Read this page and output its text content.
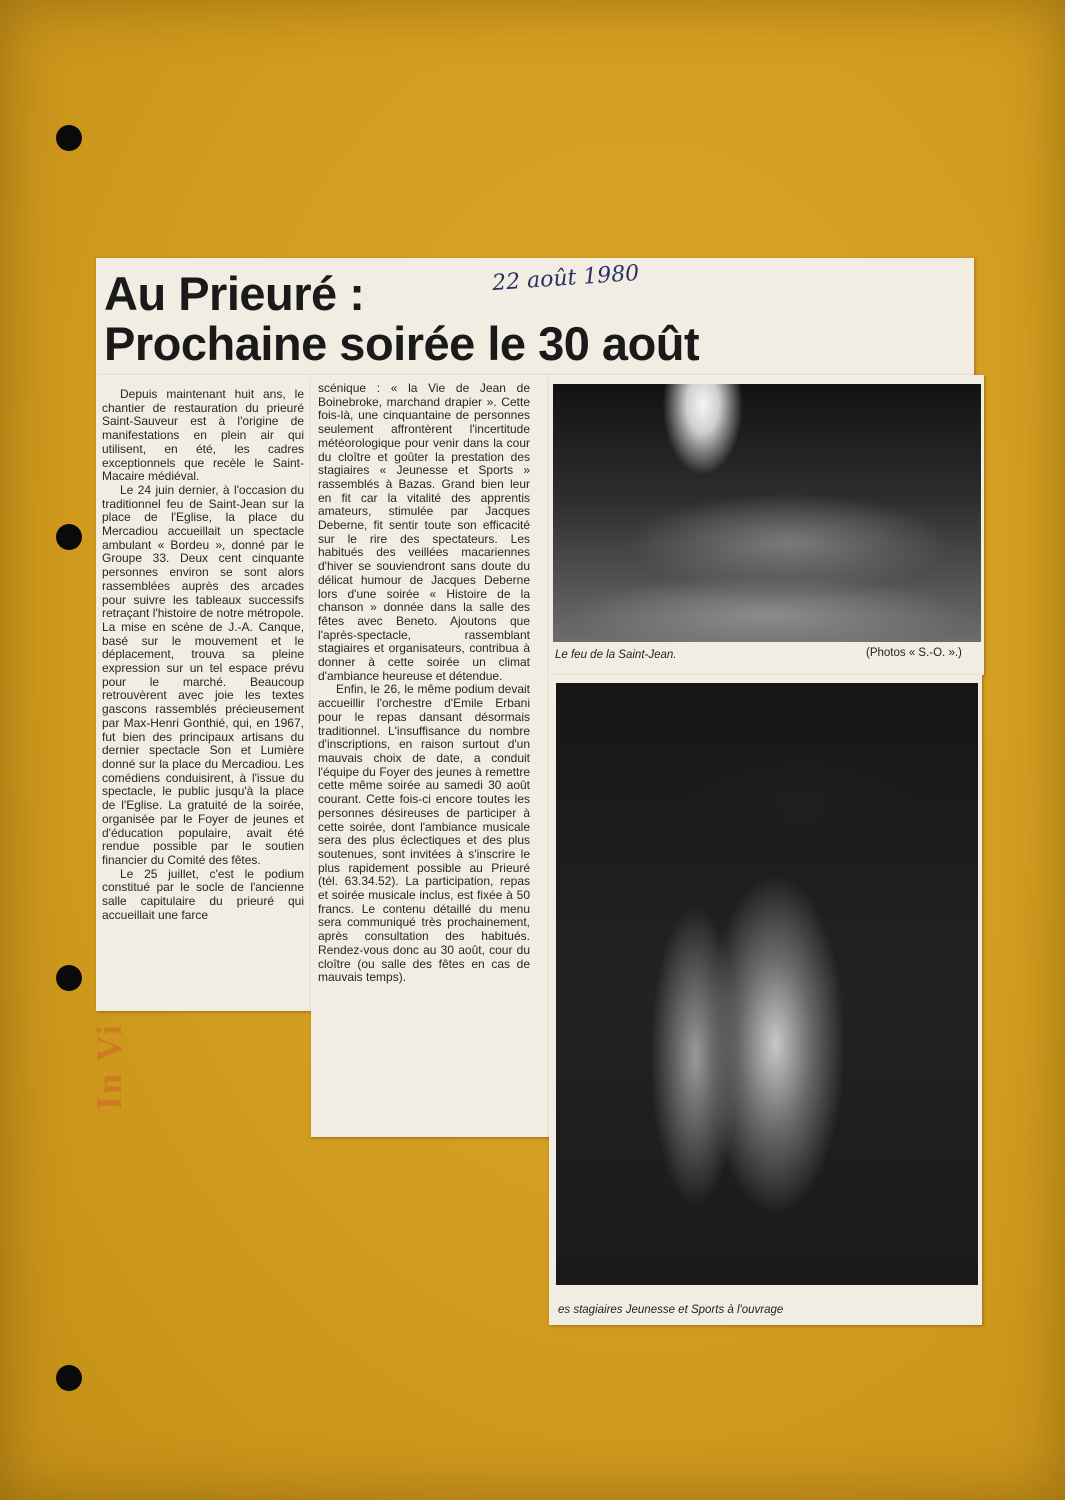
Au Prieuré :
Prochaine soirée le 30 août
22 août 1980

Depuis maintenant huit ans, le chantier de restauration du prieuré Saint-Sauveur est à l'origine de manifestations en plein air qui utilisent, en été, les cadres exceptionnels que recèle le Saint-Macaire médiéval.

Le 24 juin dernier, à l'occasion du traditionnel feu de Saint-Jean sur la place de l'Eglise, la place du Mercadiou accueillait un spectacle ambulant « Bordeu », donné par le Groupe 33. Deux cent cinquante personnes environ se sont alors rassemblées auprès des arcades pour suivre les tableaux successifs retraçant l'histoire de notre métropole. La mise en scène de J.-A. Canque, basé sur le mouvement et le déplacement, trouva sa pleine expression sur un tel espace prévu pour le marché. Beaucoup retrouvèrent avec joie les textes gascons rassemblés précieusement par Max-Henri Gonthié, qui, en 1967, fut bien des principaux artisans du dernier spectacle Son et Lumière donné sur la place du Mercadiou. Les comédiens conduisirent, à l'issue du spectacle, le public jusqu'à la place de l'Eglise. La gratuité de la soirée, organisée par le Foyer de jeunes et d'éducation populaire, avait été rendue possible par le soutien financier du Comité des fêtes.

Le 25 juillet, c'est le podium constitué par le socle de l'ancienne salle capitulaire du prieuré qui accueillait une farce

scénique : « la Vie de Jean de Boinebroke, marchand drapier ». Cette fois-là, une cinquantaine de personnes seulement affrontèrent l'incertitude météorologique pour venir dans la cour du cloître et goûter la prestation des stagiaires « Jeunesse et Sports » rassemblés à Bazas. Grand bien leur en fit car la vitalité des apprentis amateurs, stimulée par Jacques Deberne, fit sentir toute son efficacité sur le rire des spectateurs. Les habitués des veillées macariennes d'hiver se souviendront sans doute du délicat humour de Jacques Deberne lors d'une soirée « Histoire de la chanson » donnée dans la salle des fêtes avec Beneto. Ajoutons que l'après-spectacle, rassemblant stagiaires et organisateurs, contribua à donner à cette soirée un climat d'ambiance heureuse et détendue.

Enfin, le 26, le même podium devait accueillir l'orchestre d'Emile Erbani pour le repas dansant désormais traditionnel. L'insuffisance du nombre d'inscriptions, en raison surtout d'un mauvais choix de date, a conduit l'équipe du Foyer des jeunes à remettre cette même soirée au samedi 30 août courant. Cette fois-ci encore toutes les personnes désireuses de participer à cette soirée, dont l'ambiance musicale sera des plus éclectiques et des plus soutenues, sont invitées à s'inscrire le plus rapidement possible au Prieuré (tél. 63.34.52). La participation, repas et soirée musicale inclus, est fixée à 50 francs. Le contenu détaillé du menu sera communiqué très prochainement, après consultation des habitués. Rendez-vous donc au 30 août, cour du cloître (ou salle des fêtes en cas de mauvais temps).

Le feu de la Saint-Jean.	(Photos « S.-O. ».)
es stagiaires Jeunesse et Sports à l'ouvrage
In Vi
